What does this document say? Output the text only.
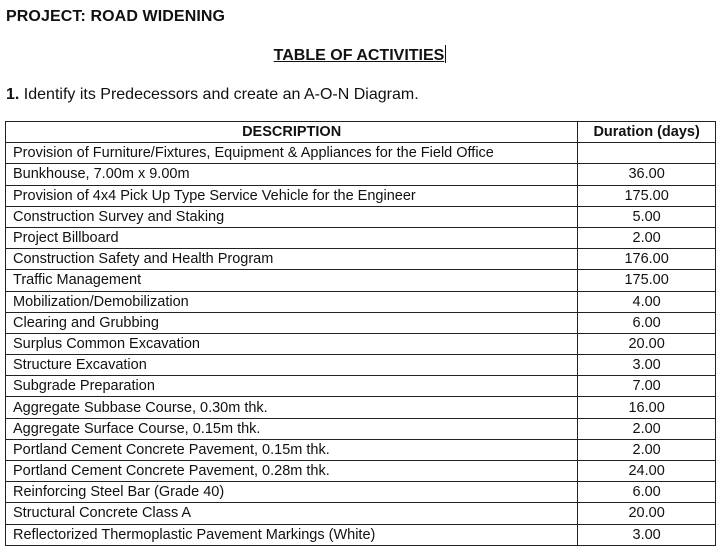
PROJECT: ROAD WIDENING
TABLE OF ACTIVITIES
1. Identify its Predecessors and create an A-O-N Diagram.
DESCRIPTION	Duration (days)
Provision of Furniture/Fixtures, Equipment & Appliances for the Field Office	
Bunkhouse, 7.00m x 9.00m	36.00
Provision of 4x4 Pick Up Type Service Vehicle for the Engineer	175.00
Construction Survey and Staking	5.00
Project Billboard	2.00
Construction Safety and Health Program	176.00
Traffic Management	175.00
Mobilization/Demobilization	4.00
Clearing and Grubbing	6.00
Surplus Common Excavation	20.00
Structure Excavation	3.00
Subgrade Preparation	7.00
Aggregate Subbase Course, 0.30m thk.	16.00
Aggregate Surface Course, 0.15m thk.	2.00
Portland Cement Concrete Pavement, 0.15m thk.	2.00
Portland Cement Concrete Pavement, 0.28m thk.	24.00
Reinforcing Steel Bar (Grade 40)	6.00
Structural Concrete Class A	20.00
Reflectorized Thermoplastic Pavement Markings (White)	3.00
